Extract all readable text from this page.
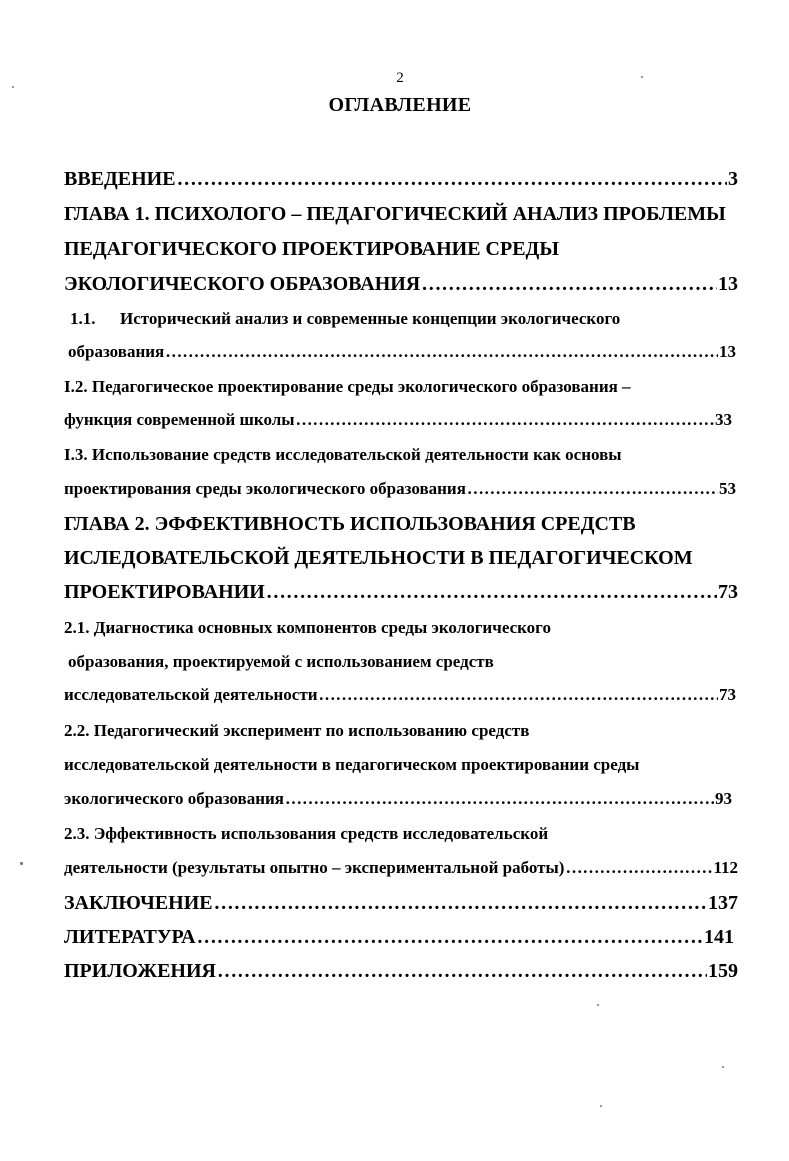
2
ОГЛАВЛЕНИЕ
ВВЕДЕНИЕ ……………………………………………………………………………………………………………………………………………………………………………………	3
ГЛАВА 1. ПСИХОЛОГО – ПЕДАГОГИЧЕСКИЙ АНАЛИЗ ПРОБЛЕМЫ
ПЕДАГОГИЧЕСКОГО ПРОЕКТИРОВАНИЕ СРЕДЫ
ЭКОЛОГИЧЕСКОГО ОБРАЗОВАНИЯ ……………………………………………………………………………………………………………………………………………………………………………………	13
1.1. Исторический анализ и современные концепции экологического
образования ……………………………………………………………………………………………………………………………………………………………………………………	13
I.2. Педагогическое проектирование среды экологического образования –
функция современной школы ……………………………………………………………………………………………………………………………………………………………………………………	33
I.3. Использование средств исследовательской деятельности как основы
проектирования среды экологического образования ……………………………………………………………………………………………………………………………………………………………………………………	53
ГЛАВА 2. ЭФФЕКТИВНОСТЬ ИСПОЛЬЗОВАНИЯ СРЕДСТВ
ИСЛЕДОВАТЕЛЬСКОЙ ДЕЯТЕЛЬНОСТИ В ПЕДАГОГИЧЕСКОМ
ПРОЕКТИРОВАНИИ ……………………………………………………………………………………………………………………………………………………………………………………	73
2.1. Диагностика основных компонентов среды экологического
образования, проектируемой с использованием средств
исследовательской деятельности ……………………………………………………………………………………………………………………………………………………………………………………	73
2.2. Педагогический эксперимент по использованию средств
исследовательской деятельности в педагогическом проектировании среды
экологического образования ……………………………………………………………………………………………………………………………………………………………………………………	93
2.3. Эффективность использования средств исследовательской
деятельности (результаты опытно – экспериментальной работы) ……………………………………………………………………………………………………………………………………………………………………………………	112
ЗАКЛЮЧЕНИЕ ……………………………………………………………………………………………………………………………………………………………………………………	137
ЛИТЕРАТУРА ……………………………………………………………………………………………………………………………………………………………………………………	141
ПРИЛОЖЕНИЯ ……………………………………………………………………………………………………………………………………………………………………………………	159
